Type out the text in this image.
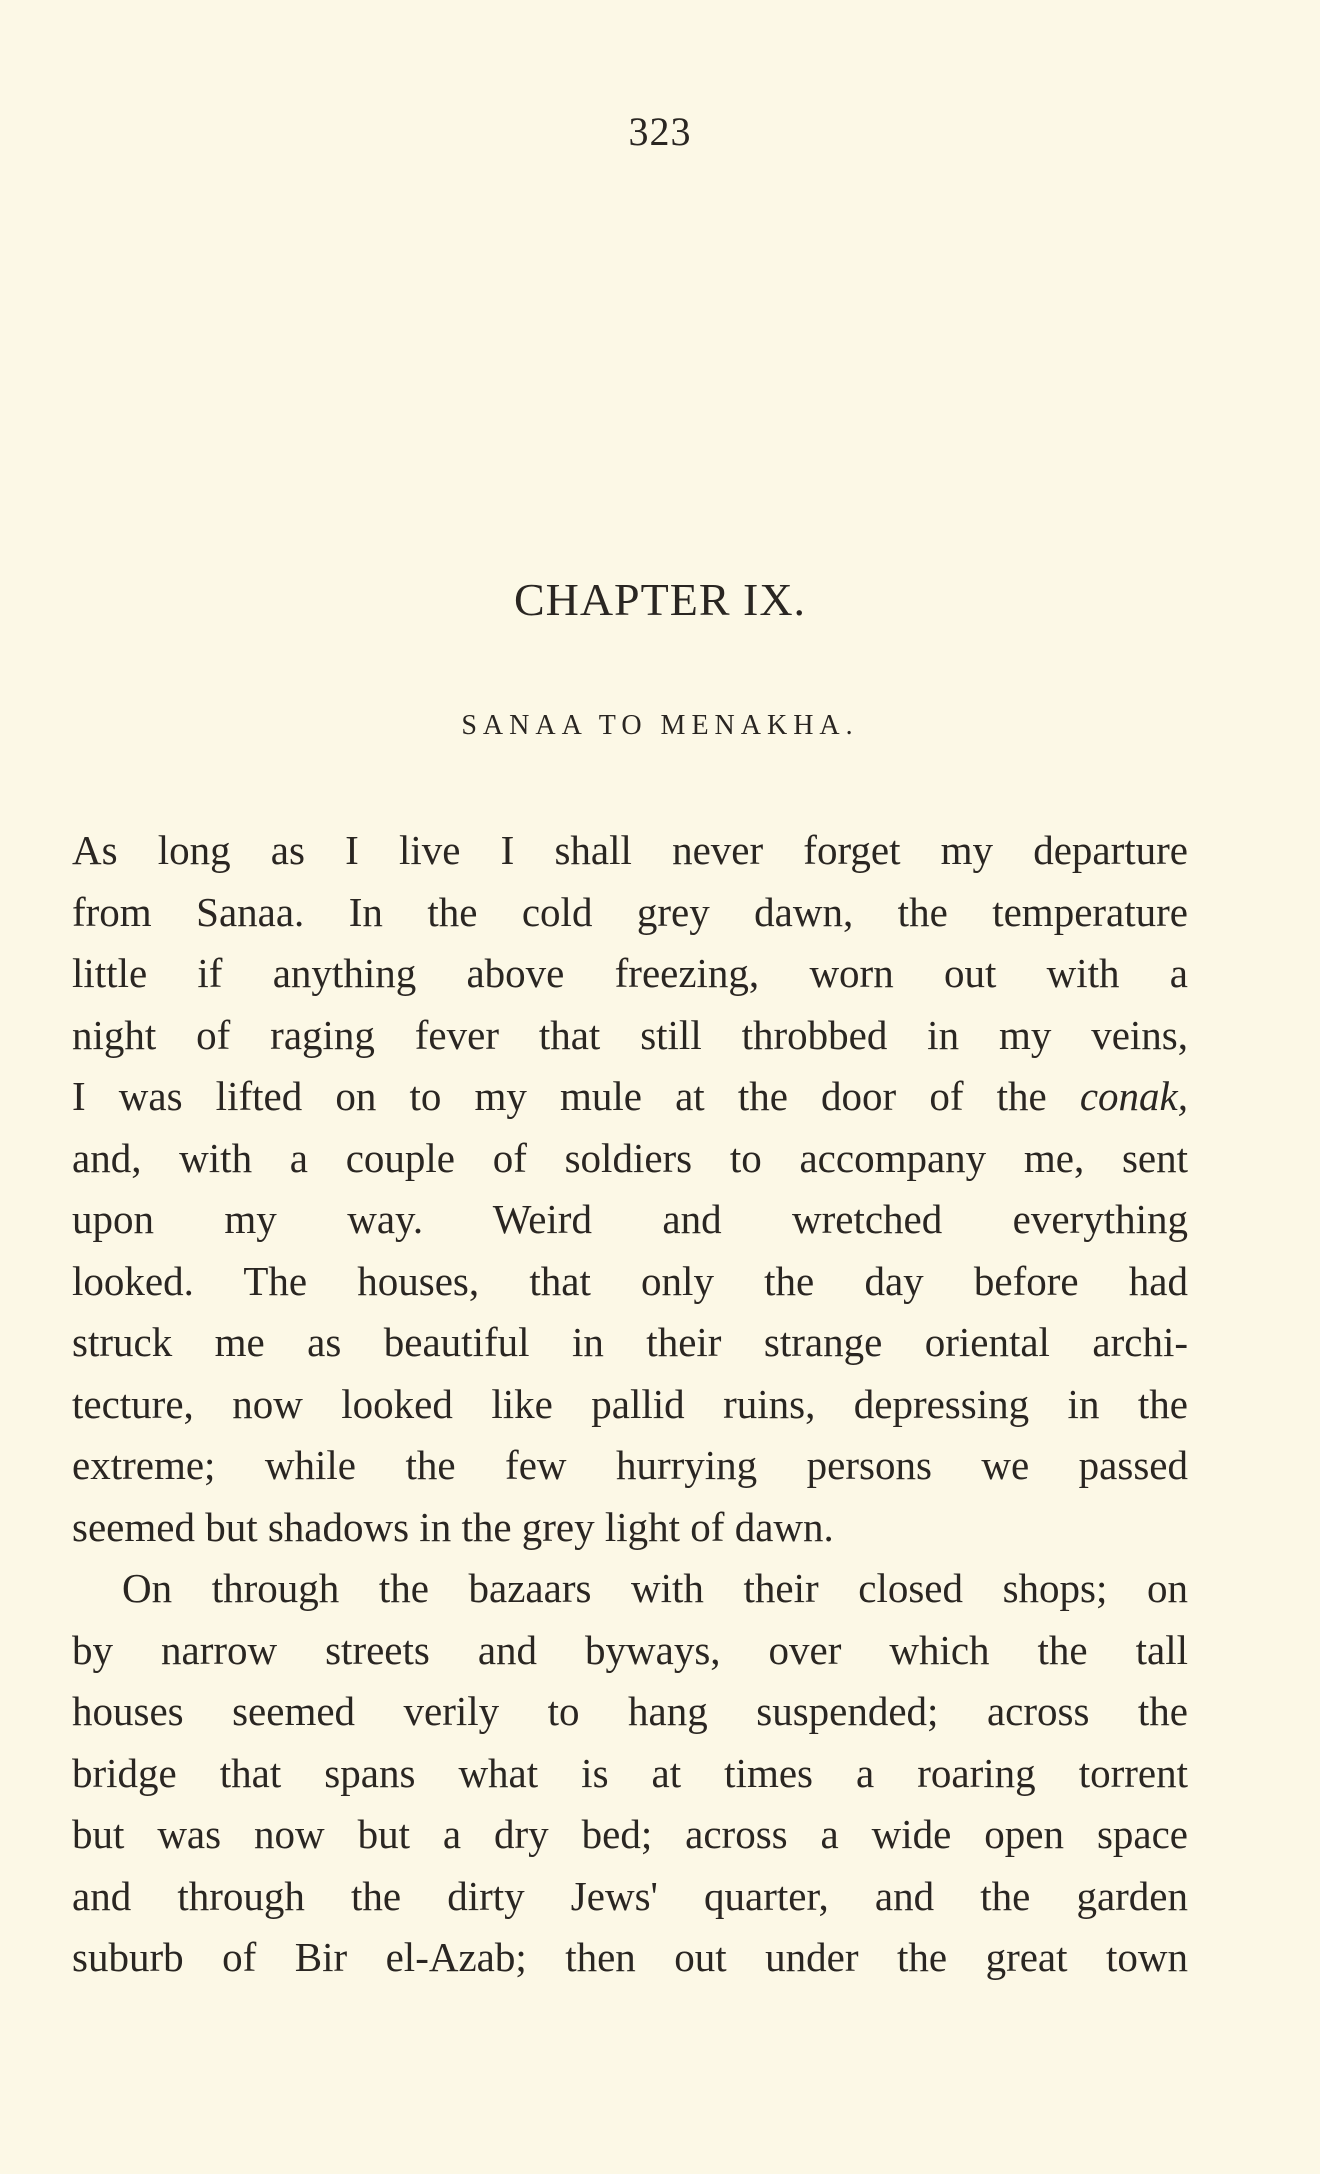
323
CHAPTER IX.
SANAA TO MENAKHA.
As long as I live I shall never forget my departure
from Sanaa. In the cold grey dawn, the temperature
little if anything above freezing, worn out with a
night of raging fever that still throbbed in my veins,
I was lifted on to my mule at the door of the conak,
and, with a couple of soldiers to accompany me, sent
upon my way. Weird and wretched everything
looked. The houses, that only the day before had
struck me as beautiful in their strange oriental archi-
tecture, now looked like pallid ruins, depressing in the
extreme; while the few hurrying persons we passed
seemed but shadows in the grey light of dawn.
On through the bazaars with their closed shops; on
by narrow streets and byways, over which the tall
houses seemed verily to hang suspended; across the
bridge that spans what is at times a roaring torrent
but was now but a dry bed; across a wide open space
and through the dirty Jews' quarter, and the garden
suburb of Bir el-Azab; then out under the great town
